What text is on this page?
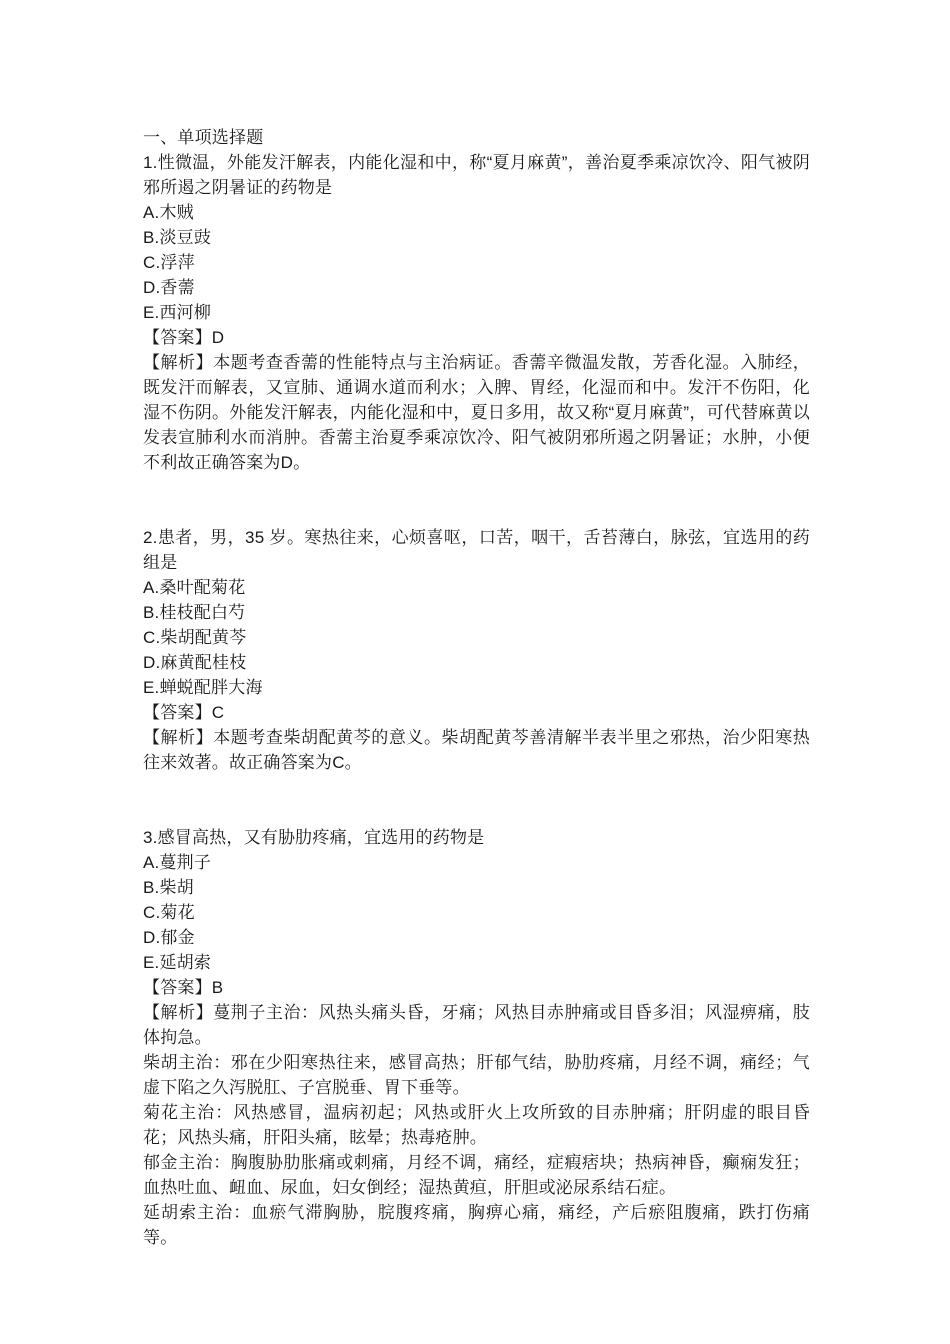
一、单项选择题

1.性微温，外能发汗解表，内能化湿和中，称“夏月麻黄”，善治夏季乘凉饮冷、阳气被阴邪所遏之阴暑证的药物是

A.木贼

B.淡豆豉

C.浮萍

D.香薷

E.西河柳

【答案】D

【解析】本题考查香薷的性能特点与主治病证。香薷辛微温发散，芳香化湿。入肺经，既发汗而解表，又宣肺、通调水道而利水；入脾、胃经，化湿而和中。发汗不伤阳，化湿不伤阴。外能发汗解表，内能化湿和中，夏日多用，故又称“夏月麻黄”，可代替麻黄以发表宣肺利水而消肿。香薷主治夏季乘凉饮冷、阳气被阴邪所遏之阴暑证；水肿，小便不利故正确答案为D。

2.患者，男，35 岁。寒热往来，心烦喜呕，口苦，咽干，舌苔薄白，脉弦，宜选用的药组是

A.桑叶配菊花

B.桂枝配白芍

C.柴胡配黄芩

D.麻黄配桂枝

E.蝉蜕配胖大海

【答案】C

【解析】本题考查柴胡配黄芩的意义。柴胡配黄芩善清解半表半里之邪热，治少阳寒热往来效著。故正确答案为C。

3.感冒高热，又有胁肋疼痛，宜选用的药物是

A.蔓荆子

B.柴胡

C.菊花

D.郁金

E.延胡索

【答案】B

【解析】蔓荆子主治：风热头痛头昏，牙痛；风热目赤肿痛或目昏多泪；风湿痹痛，肢体拘急。

柴胡主治：邪在少阳寒热往来，感冒高热；肝郁气结，胁肋疼痛，月经不调，痛经；气虚下陷之久泻脱肛、子宫脱垂、胃下垂等。

菊花主治：风热感冒，温病初起；风热或肝火上攻所致的目赤肿痛；肝阴虚的眼目昏花；风热头痛，肝阳头痛，眩晕；热毒疮肿。

郁金主治：胸腹胁肋胀痛或刺痛，月经不调，痛经，症瘕痞块；热病神昏，癫痫发狂；血热吐血、衄血、尿血，妇女倒经；湿热黄疸，肝胆或泌尿系结石症。

延胡索主治：血瘀气滞胸胁，脘腹疼痛，胸痹心痛，痛经，产后瘀阻腹痛，跌打伤痛等。
